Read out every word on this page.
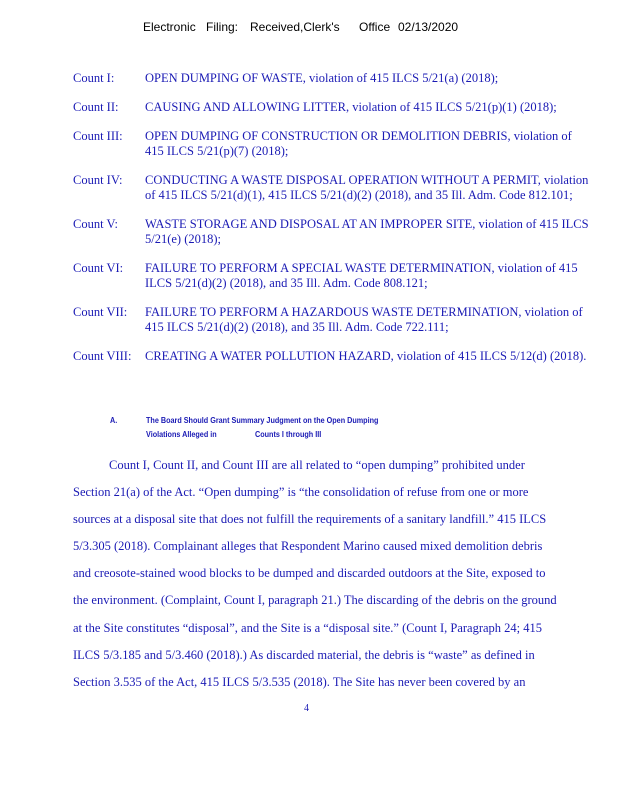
Electronic Filing: Received,Clerk's Office 02/13/2020
Count I:	OPEN DUMPING OF WASTE, violation of 415 ILCS 5/21(a) (2018);
Count II:	CAUSING AND ALLOWING LITTER, violation of 415 ILCS 5/21(p)(1) (2018);
Count III:	OPEN DUMPING OF CONSTRUCTION OR DEMOLITION DEBRIS, violation of 415 ILCS 5/21(p)(7) (2018);
Count IV:	CONDUCTING A WASTE DISPOSAL OPERATION WITHOUT A PERMIT, violation of 415 ILCS 5/21(d)(1), 415 ILCS 5/21(d)(2) (2018), and 35 Ill. Adm. Code 812.101;
Count V:	WASTE STORAGE AND DISPOSAL AT AN IMPROPER SITE, violation of 415 ILCS 5/21(e) (2018);
Count VI:	FAILURE TO PERFORM A SPECIAL WASTE DETERMINATION, violation of 415 ILCS 5/21(d)(2) (2018), and 35 Ill. Adm. Code 808.121;
Count VII:	FAILURE TO PERFORM A HAZARDOUS WASTE DETERMINATION, violation of 415 ILCS 5/21(d)(2) (2018), and 35 Ill. Adm. Code 722.111;
Count VIII:	CREATING A WATER POLLUTION HAZARD, violation of 415 ILCS 5/12(d) (2018).
A.	The Board Should Grant Summary Judgment on the Open Dumping
Violations Alleged in	Counts I through III
Count I, Count II, and Count III are all related to “open dumping” prohibited under
Section 21(a) of the Act. “Open dumping” is “the consolidation of refuse from one or more
sources at a disposal site that does not fulfill the requirements of a sanitary landfill.” 415 ILCS
5/3.305 (2018). Complainant alleges that Respondent Marino caused mixed demolition debris
and creosote-stained wood blocks to be dumped and discarded outdoors at the Site, exposed to
the environment. (Complaint, Count I, paragraph 21.) The discarding of the debris on the ground
at the Site constitutes “disposal”, and the Site is a “disposal site.” (Count I, Paragraph 24; 415
ILCS 5/3.185 and 5/3.460 (2018).) As discarded material, the debris is “waste” as defined in
Section 3.535 of the Act, 415 ILCS 5/3.535 (2018). The Site has never been covered by an
4
